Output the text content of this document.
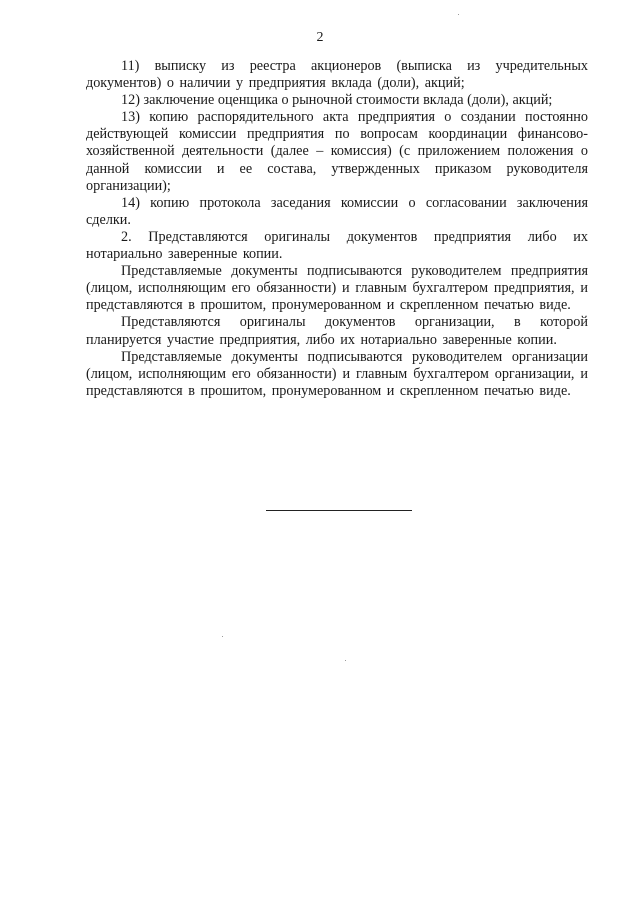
2

11) выписку из реестра акционеров (выписка из учредительных документов) о наличии у предприятия вклада (доли), акций;

12) заключение оценщика о рыночной стоимости вклада (доли), акций;

13) копию распорядительного акта предприятия о создании постоянно действующей комиссии предприятия по вопросам координации финансово-хозяйственной деятельности (далее – комиссия) (с приложением положения о данной комиссии и ее состава, утвержденных приказом руководителя организации);

14) копию протокола заседания комиссии о согласовании заключения сделки.

2. Представляются оригиналы документов предприятия либо их нотариально заверенные копии.

Представляемые документы подписываются руководителем предприятия (лицом, исполняющим его обязанности) и главным бухгалтером предприятия, и представляются в прошитом, пронумерованном и скрепленном печатью виде.

Представляются оригиналы документов организации, в которой планируется участие предприятия, либо их нотариально заверенные копии.

Представляемые документы подписываются руководителем организации (лицом, исполняющим его обязанности) и главным бухгалтером организации, и представляются в прошитом, пронумерованном и скрепленном печатью виде.
